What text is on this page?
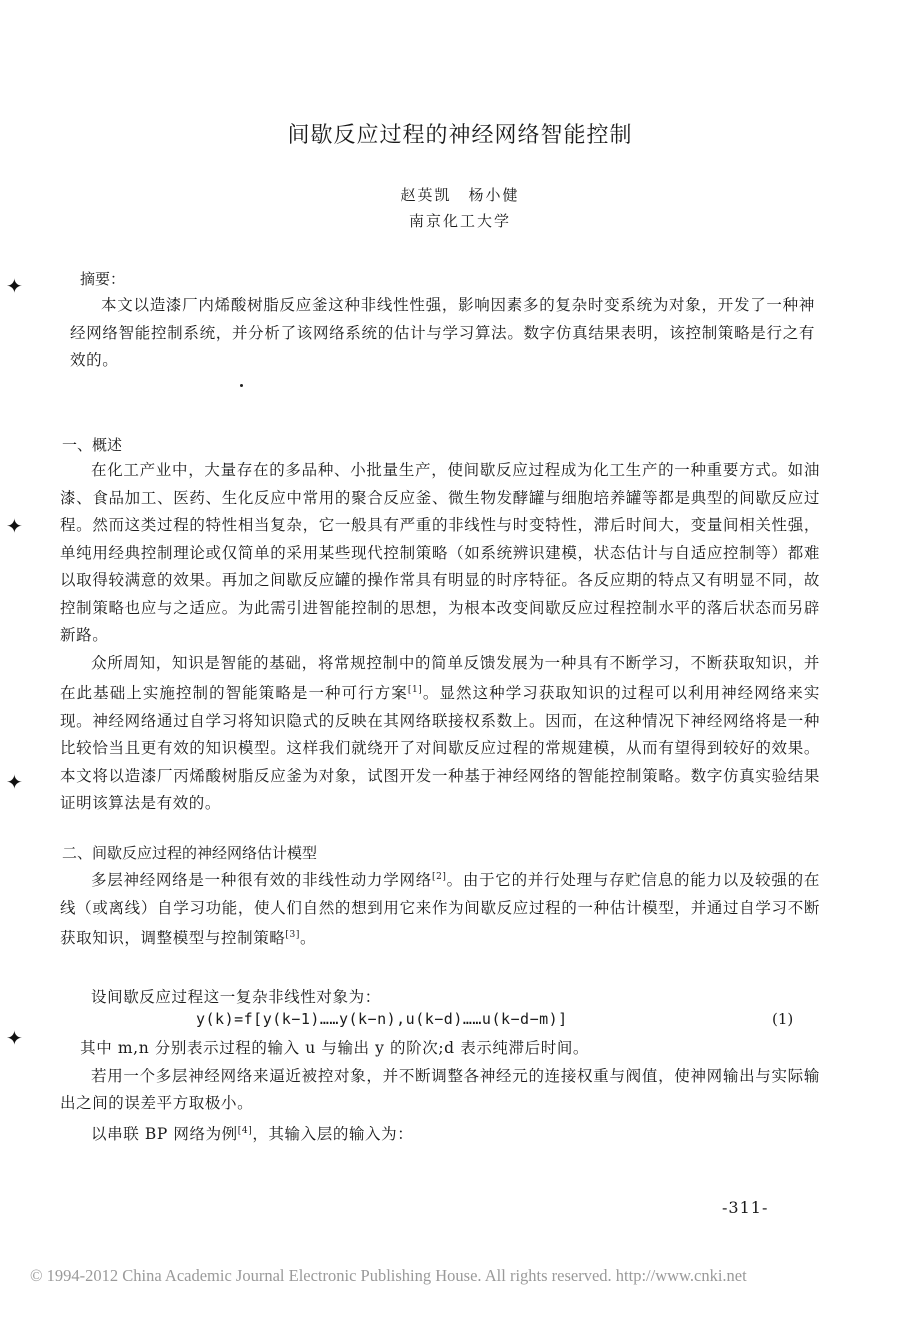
间歇反应过程的神经网络智能控制
赵英凯　杨小健
南京化工大学
摘要：

本文以造漆厂内烯酸树脂反应釜这种非线性性强，影响因素多的复杂时变系统为对象，开发了一种神经网络智能控制系统，并分析了该网络系统的估计与学习算法。数字仿真结果表明，该控制策略是行之有效的。

一、概述

在化工产业中，大量存在的多品种、小批量生产，使间歇反应过程成为化工生产的一种重要方式。如油漆、食品加工、医药、生化反应中常用的聚合反应釜、微生物发酵罐与细胞培养罐等都是典型的间歇反应过程。然而这类过程的特性相当复杂，它一般具有严重的非线性与时变特性，滞后时间大，变量间相关性强，单纯用经典控制理论或仅简单的采用某些现代控制策略（如系统辨识建模，状态估计与自适应控制等）都难以取得较满意的效果。再加之间歇反应罐的操作常具有明显的时序特征。各反应期的特点又有明显不同，故控制策略也应与之适应。为此需引进智能控制的思想，为根本改变间歇反应过程控制水平的落后状态而另辟新路。

众所周知，知识是智能的基础，将常规控制中的简单反馈发展为一种具有不断学习，不断获取知识，并在此基础上实施控制的智能策略是一种可行方案[1]。显然这种学习获取知识的过程可以利用神经网络来实现。神经网络通过自学习将知识隐式的反映在其网络联接权系数上。因而，在这种情况下神经网络将是一种比较恰当且更有效的知识模型。这样我们就绕开了对间歇反应过程的常规建模，从而有望得到较好的效果。本文将以造漆厂丙烯酸树脂反应釜为对象，试图开发一种基于神经网络的智能控制策略。数字仿真实验结果证明该算法是有效的。

二、间歇反应过程的神经网络估计模型

多层神经网络是一种很有效的非线性动力学网络[2]。由于它的并行处理与存贮信息的能力以及较强的在线（或离线）自学习功能，使人们自然的想到用它来作为间歇反应过程的一种估计模型，并通过自学习不断获取知识，调整模型与控制策略[3]。

设间歇反应过程这一复杂非线性对象为：

y(k)=f[y(k−1)……y(k−n),u(k−d)……u(k−d−m)]	(1)

其中 m,n 分别表示过程的输入 u 与输出 y 的阶次;d 表示纯滞后时间。

若用一个多层神经网络来逼近被控对象，并不断调整各神经元的连接权重与阀值，使神网输出与实际输出之间的误差平方取极小。

以串联 BP 网络为例[4]，其输入层的输入为：

-311-
© 1994-2012 China Academic Journal Electronic Publishing House. All rights reserved. http://www.cnki.net
✦
✦
✦
✦
